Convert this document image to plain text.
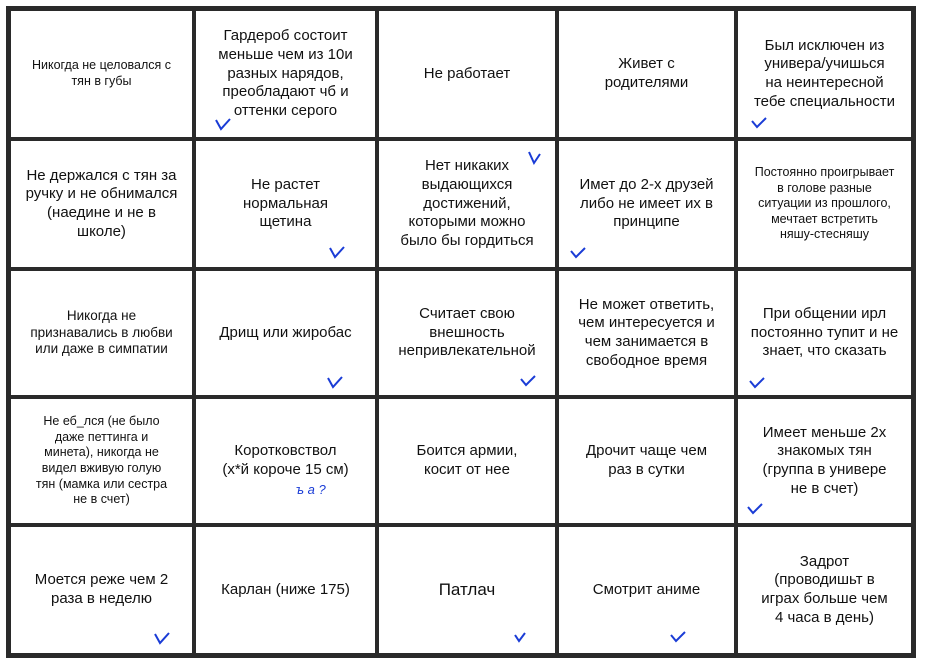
Никогда не целовался с
тян в губы
Гардероб состоит
меньше чем из 10и
разных нарядов,
преобладают чб и
оттенки серого
Не работает
Живет с
родителями
Был исключен из
универа/учишься
на неинтересной
тебе специальности
Не держался с тян за
ручку и не обнимался
(наедине и не в
школе)
Не растет
нормальная
щетина
Нет никаких
выдающихся
достижений,
которыми можно
было бы гордиться
Имет до 2-х друзей
либо не имеет их в
принципе
Постоянно проигрывает
в голове разные
ситуации из прошлого,
мечтает встретить
няшу-стесняшу
Никогда не
признавались в любви
или даже в симпатии
Дрищ или жиробас
Считает свою
внешность
непривлекательной
Не может ответить,
чем интересуется и
чем занимается в
свободное время
При общении ирл
постоянно тупит и не
знает, что сказать
Не еб_лся (не было
даже петтинга и
минета), никогда не
видел вживую голую
тян (мамка или сестра
не в счет)
Коротковствол
(х*й короче 15 см)
ъ а ?
Боится армии,
косит от нее
Дрочит чаще чем
раз в сутки
Имеет меньше 2х
знакомых тян
(группа в универе
не в счет)
Моется реже чем 2
раза в неделю
Карлан (ниже 175)	Патлач	Смотрит аниме
Задрот
(проводишьт в
играх больше чем
4 часа в день)
